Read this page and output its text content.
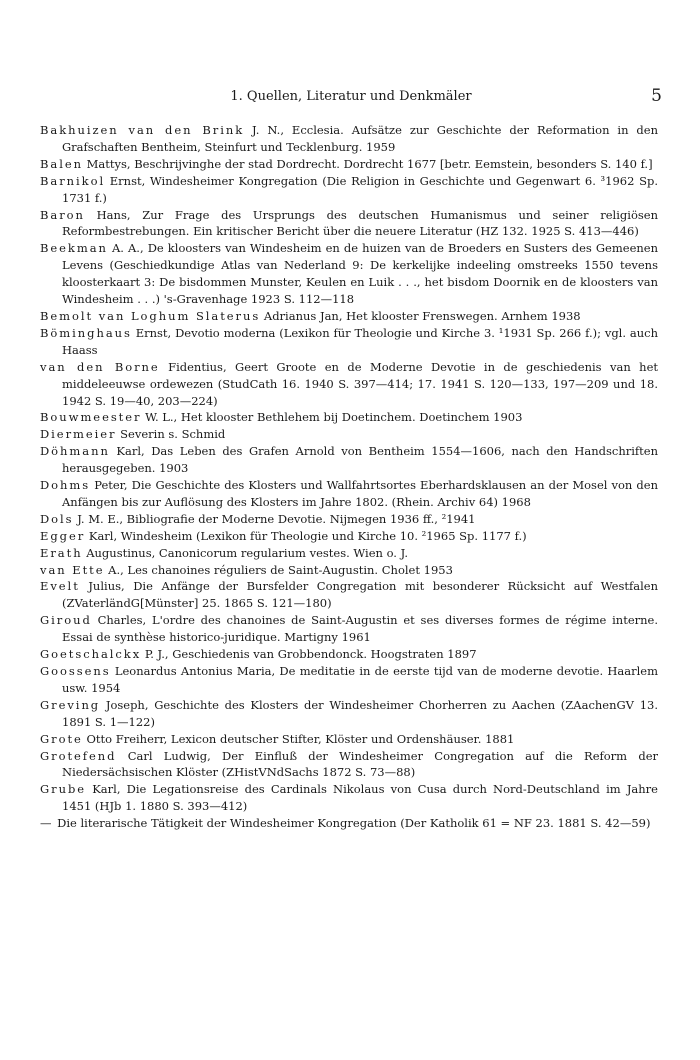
1. Quellen, Literatur und Denkmäler	5
Bakhuizen van den Brink J. N., Ecclesia. Aufsätze zur Geschichte der Reformation in den Grafschaften Bentheim, Steinfurt und Tecklenburg. 1959
Balen Mattys, Beschrijvinghe der stad Dordrecht. Dordrecht 1677 [betr. Eemstein, besonders S. 140 f.]
Barnikol Ernst, Windesheimer Kongregation (Die Religion in Geschichte und Gegenwart 6. ³1962 Sp. 1731 f.)
Baron Hans, Zur Frage des Ursprungs des deutschen Humanismus und seiner religiösen Reformbestrebungen. Ein kritischer Bericht über die neuere Literatur (HZ 132. 1925 S. 413—446)
Beekman A. A., De kloosters van Windesheim en de huizen van de Broeders en Susters des Gemeenen Levens (Geschiedkundige Atlas van Nederland 9: De kerkelijke indeeling omstreeks 1550 tevens kloosterkaart 3: De bisdommen Munster, Keulen en Luik . . ., het bisdom Doornik en de kloosters van Windesheim . . .) 's-Gravenhage 1923 S. 112—118
Bemolt van Loghum Slaterus Adrianus Jan, Het klooster Frenswegen. Arnhem 1938
Böminghaus Ernst, Devotio moderna (Lexikon für Theologie und Kirche 3. ¹1931 Sp. 266 f.); vgl. auch Haass
van den Borne Fidentius, Geert Groote en de Moderne Devotie in de geschiedenis van het middeleeuwse ordewezen (StudCath 16. 1940 S. 397—414; 17. 1941 S. 120—133, 197—209 und 18. 1942 S. 19—40, 203—224)
Bouwmeester W. L., Het klooster Bethlehem bij Doetinchem. Doetinchem 1903
Diermeier Severin s. Schmid
Döhmann Karl, Das Leben des Grafen Arnold von Bentheim 1554—1606, nach den Handschriften herausgegeben. 1903
Dohms Peter, Die Geschichte des Klosters und Wallfahrtsortes Eberhardsklausen an der Mosel von den Anfängen bis zur Auflösung des Klosters im Jahre 1802. (Rhein. Archiv 64) 1968
Dols J. M. E., Bibliografie der Moderne Devotie. Nijmegen 1936 ff., ²1941
Egger Karl, Windesheim (Lexikon für Theologie und Kirche 10. ²1965 Sp. 1177 f.)
Erath Augustinus, Canonicorum regularium vestes. Wien o. J.
van Ette A., Les chanoines réguliers de Saint-Augustin. Cholet 1953
Evelt Julius, Die Anfänge der Bursfelder Congregation mit besonderer Rücksicht auf Westfalen (ZVaterländG[Münster] 25. 1865 S. 121—180)
Giroud Charles, L'ordre des chanoines de Saint-Augustin et ses diverses formes de régime interne. Essai de synthèse historico-juridique. Martigny 1961
Goetschalckx P. J., Geschiedenis van Grobbendonck. Hoogstraten 1897
Goossens Leonardus Antonius Maria, De meditatie in de eerste tijd van de moderne devotie. Haarlem usw. 1954
Greving Joseph, Geschichte des Klosters der Windesheimer Chorherren zu Aachen (ZAachenGV 13. 1891 S. 1—122)
Grote Otto Freiherr, Lexicon deutscher Stifter, Klöster und Ordenshäuser. 1881
Grotefend Carl Ludwig, Der Einfluß der Windesheimer Congregation auf die Reform der Niedersächsischen Klöster (ZHistVNdSachs 1872 S. 73—88)
Grube Karl, Die Legationsreise des Cardinals Nikolaus von Cusa durch Nord-Deutschland im Jahre 1451 (HJb 1. 1880 S. 393—412)
— Die literarische Tätigkeit der Windesheimer Kongregation (Der Katholik 61 = NF 23. 1881 S. 42—59)
